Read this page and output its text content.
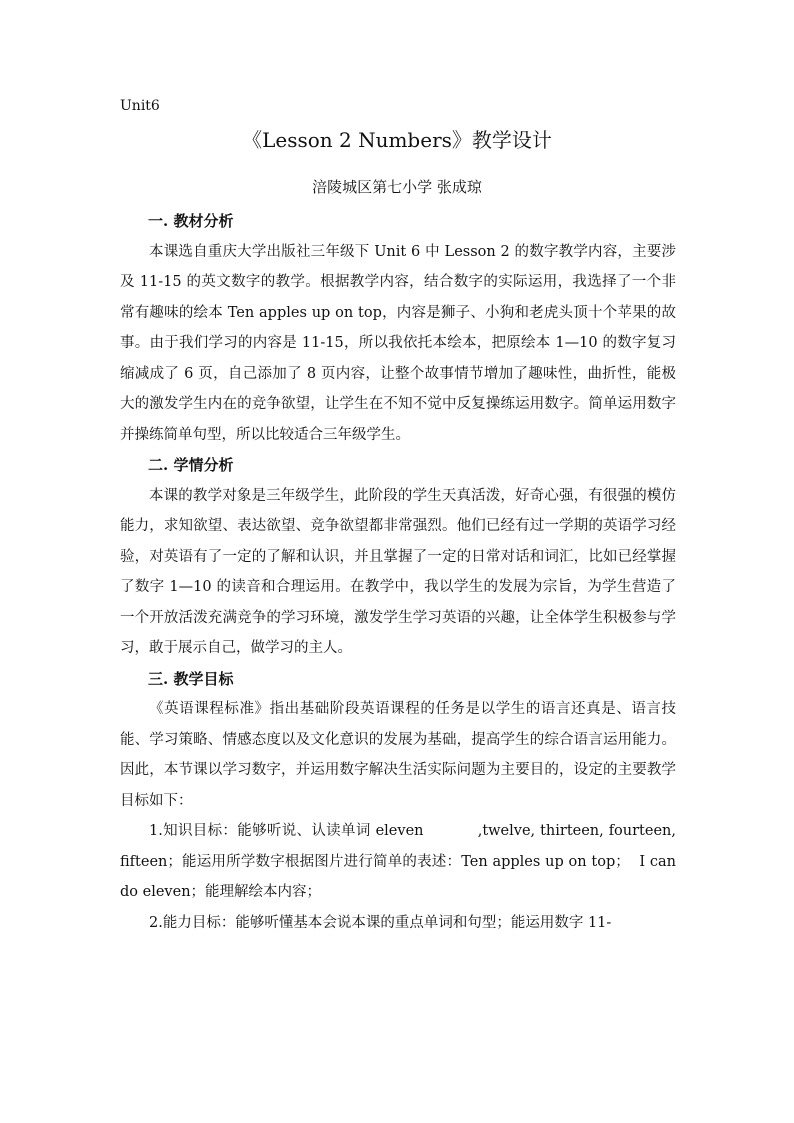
Unit6
《Lesson 2 Numbers》教学设计
涪陵城区第七小学 张成琼

一. 教材分析

本课选自重庆大学出版社三年级下 Unit 6 中 Lesson 2 的数字教学内容，主要涉及 11-15 的英文数字的教学。根据教学内容，结合数字的实际运用，我选择了一个非常有趣味的绘本 Ten apples up on top，内容是狮子、小狗和老虎头顶十个苹果的故事。由于我们学习的内容是 11-15，所以我依托本绘本，把原绘本 1—10 的数字复习缩减成了 6 页，自己添加了 8 页内容，让整个故事情节增加了趣味性，曲折性，能极大的激发学生内在的竞争欲望，让学生在不知不觉中反复操练运用数字。简单运用数字并操练简单句型，所以比较适合三年级学生。

二. 学情分析

本课的教学对象是三年级学生，此阶段的学生天真活泼，好奇心强，有很强的模仿能力，求知欲望、表达欲望、竞争欲望都非常强烈。他们已经有过一学期的英语学习经验，对英语有了一定的了解和认识，并且掌握了一定的日常对话和词汇，比如已经掌握了数字 1—10 的读音和合理运用。在教学中，我以学生的发展为宗旨，为学生营造了一个开放活泼充满竞争的学习环境，激发学生学习英语的兴趣，让全体学生积极参与学习，敢于展示自己，做学习的主人。

三. 教学目标

《英语课程标准》指出基础阶段英语课程的任务是以学生的语言还真是、语言技能、学习策略、情感态度以及文化意识的发展为基础，提高学生的综合语言运用能力。因此，本节课以学习数字，并运用数字解决生活实际问题为主要目的，设定的主要教学目标如下：

1.知识目标：能够听说、认读单词 eleven           ,twelve, thirteen, fourteen, fifteen；能运用所学数字根据图片进行简单的表述：Ten apples up on top；  I can do eleven；能理解绘本内容；

2.能力目标：能够听懂基本会说本课的重点单词和句型；能运用数字 11-
